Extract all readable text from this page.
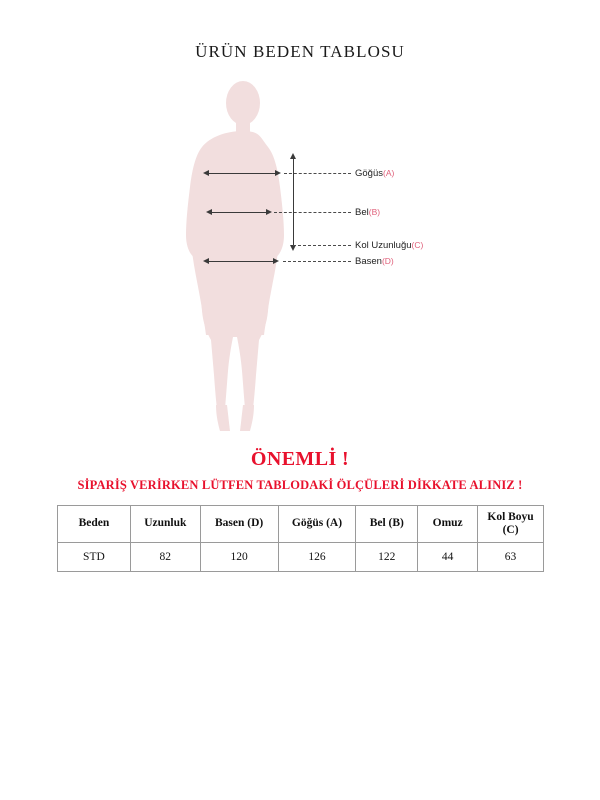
ÜRÜN BEDEN TABLOSU
Göğüs(A)
Bel(B)
Kol Uzunluğu(C)
Basen(D)
ÖNEMLİ !
SİPARİŞ VERİRKEN LÜTFEN TABLODAKİ ÖLÇÜLERİ DİKKATE ALINIZ !
Beden	Uzunluk	Basen (D)	Göğüs (A)	Bel (B)	Omuz	Kol Boyu (C)
STD	82	120	126	122	44	63
